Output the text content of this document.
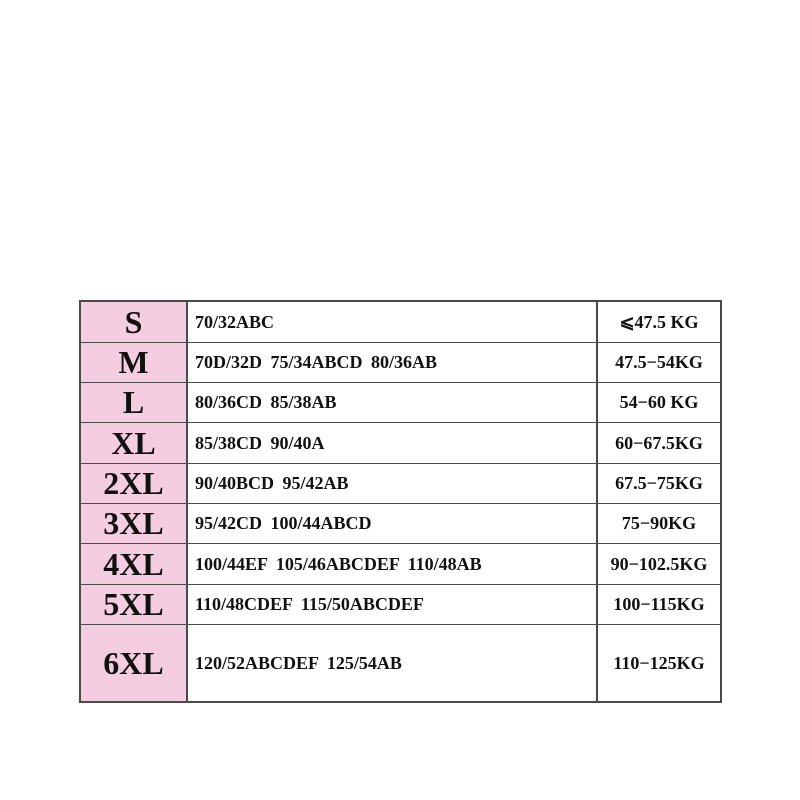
S	70/32ABC	⩽47.5 KG
M	70D/32D 75/34ABCD 80/36AB	47.5−54KG
L	80/36CD 85/38AB	54−60 KG
XL	85/38CD 90/40A	60−67.5KG
2XL	90/40BCD 95/42AB	67.5−75KG
3XL	95/42CD 100/44ABCD	75−90KG
4XL	100/44EF 105/46ABCDEF 110/48AB	90−102.5KG
5XL	110/48CDEF 115/50ABCDEF	100−115KG
6XL	120/52ABCDEF 125/54AB	110−125KG
